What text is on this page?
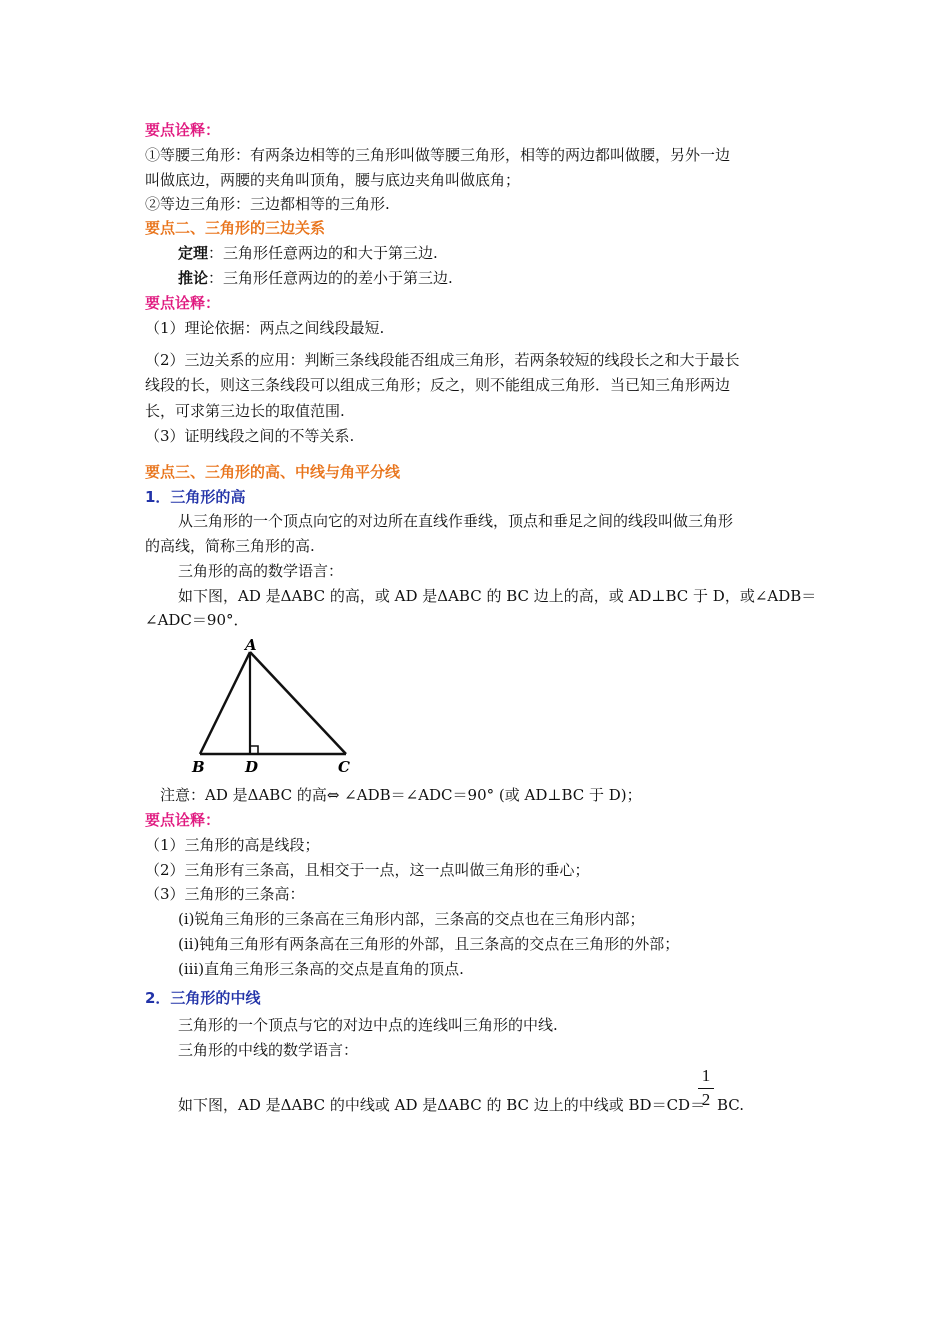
要点诠释：
①等腰三角形：有两条边相等的三角形叫做等腰三角形，相等的两边都叫做腰，另外一边
叫做底边，两腰的夹角叫顶角，腰与底边夹角叫做底角；
②等边三角形：三边都相等的三角形.
要点二、三角形的三边关系
定理：三角形任意两边的和大于第三边.
推论：三角形任意两边的的差小于第三边.
要点诠释：
（1）理论依据：两点之间线段最短.
（2）三边关系的应用：判断三条线段能否组成三角形，若两条较短的线段长之和大于最长
线段的长，则这三条线段可以组成三角形；反之，则不能组成三角形．当已知三角形两边
长，可求第三边长的取值范围.
（3）证明线段之间的不等关系.
要点三、三角形的高、中线与角平分线
1．三角形的高
从三角形的一个顶点向它的对边所在直线作垂线，顶点和垂足之间的线段叫做三角形
的高线，简称三角形的高.
三角形的高的数学语言：
如下图，AD 是ΔABC 的高，或 AD 是ΔABC 的 BC 边上的高，或 AD⊥BC 于 D，或∠ADB＝
∠ADC＝90°．
A
B	D	C
注意：AD 是ΔABC 的高⇔ ∠ADB＝∠ADC＝90° (或 AD⊥BC 于 D)；
要点诠释：
（1）三角形的高是线段；
（2）三角形有三条高，且相交于一点，这一点叫做三角形的垂心；
（3）三角形的三条高：
(ⅰ)锐角三角形的三条高在三角形内部，三条高的交点也在三角形内部；
(ⅱ)钝角三角形有两条高在三角形的外部，且三条高的交点在三角形的外部；
(ⅲ)直角三角形三条高的交点是直角的顶点.
2．三角形的中线
三角形的一个顶点与它的对边中点的连线叫三角形的中线.
三角形的中线的数学语言：
如下图，AD 是ΔABC 的中线或 AD 是ΔABC 的 BC 边上的中线或 BD＝CD＝
1
2 BC.
